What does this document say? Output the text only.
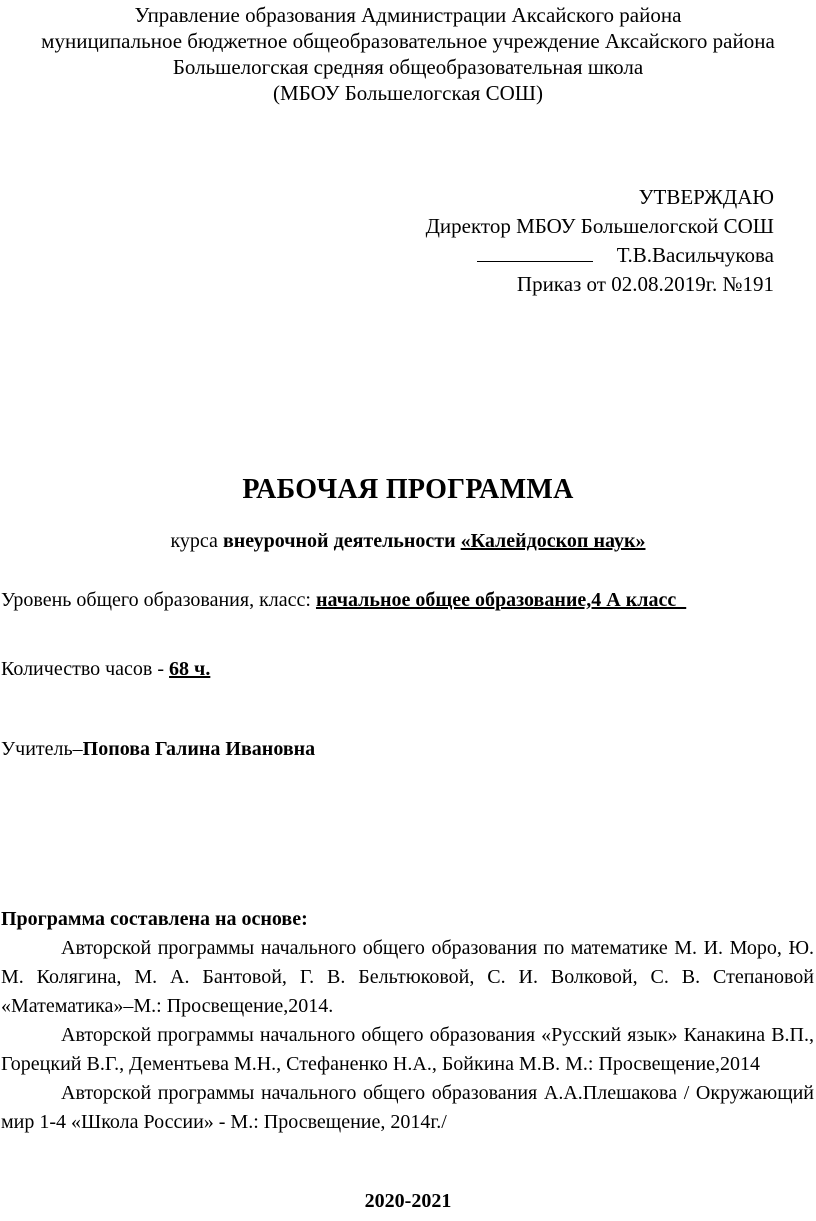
Управление образования Администрации Аксайского района
муниципальное бюджетное общеобразовательное учреждение Аксайского района
Большелогская средняя общеобразовательная школа
(МБОУ Большелогская СОШ)
УТВЕРЖДАЮ
Директор МБОУ Большелогской СОШ
Т.В.Васильчукова
Приказ от 02.08.2019г. №191
РАБОЧАЯ ПРОГРАММА
курса внеурочной деятельности «Калейдоскоп наук»
Уровень общего образования, класс: начальное общее образование,4 А класс
Количество часов - 68 ч.
Учитель–Попова Галина Ивановна
Программа составлена на основе:

Авторской программы начального общего образования по математике М. И. Моро, Ю. М. Колягина, М. А. Бантовой, Г. В. Бельтюковой, С. И. Волковой, С. В. Степановой «Математика»–М.: Просвещение,2014.

Авторской программы начального общего образования «Русский язык» Канакина В.П., Горецкий В.Г., Дементьева М.Н., Стефаненко Н.А., Бойкина М.В. М.: Просвещение,2014

Авторской программы начального общего образования А.А.Плешакова / Окружающий мир 1-4 «Школа России» - М.: Просвещение, 2014г./

2020-2021
